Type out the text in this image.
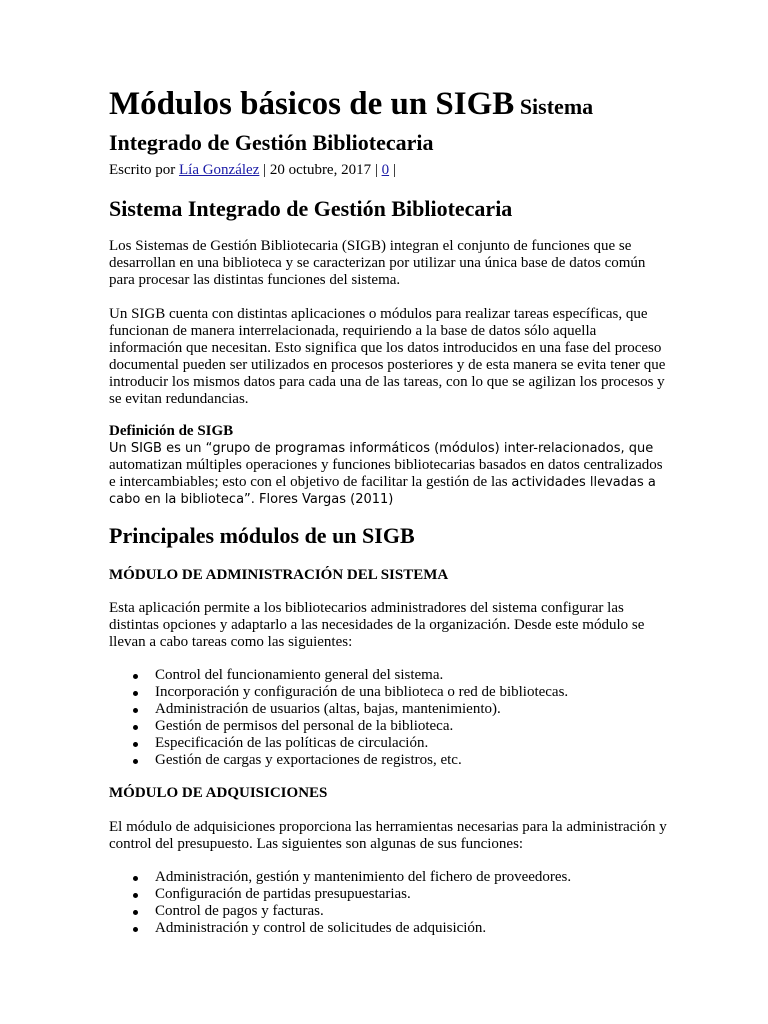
Módulos básicos de un SIGB Sistema Integrado de Gestión Bibliotecaria

Escrito por Lía González | 20 octubre, 2017 | 0 |

Sistema Integrado de Gestión Bibliotecaria

Los Sistemas de Gestión Bibliotecaria (SIGB) integran el conjunto de funciones que se desarrollan en una biblioteca y se caracterizan por utilizar una única base de datos común para procesar las distintas funciones del sistema.

Un SIGB cuenta con distintas aplicaciones o módulos para realizar tareas específicas, que funcionan de manera interrelacionada, requiriendo a la base de datos sólo aquella información que necesitan. Esto significa que los datos introducidos en una fase del proceso documental pueden ser utilizados en procesos posteriores y de esta manera se evita tener que introducir los mismos datos para cada una de las tareas, con lo que se agilizan los procesos y se evitan redundancias.

Definición de SIGB

Un SIGB es un “grupo de programas informáticos (módulos) inter-relacionados, que automatizan múltiples operaciones y funciones bibliotecarias basados en datos centralizados e intercambiables; esto con el objetivo de facilitar la gestión de las actividades llevadas a cabo en la biblioteca”. Flores Vargas (2011)

Principales módulos de un SIGB

MÓDULO DE ADMINISTRACIÓN DEL SISTEMA

Esta aplicación permite a los bibliotecarios administradores del sistema configurar las distintas opciones y adaptarlo a las necesidades de la organización. Desde este módulo se llevan a cabo tareas como las siguientes:

Control del funcionamiento general del sistema.
Incorporación y configuración de una biblioteca o red de bibliotecas.
Administración de usuarios (altas, bajas, mantenimiento).
Gestión de permisos del personal de la biblioteca.
Especificación de las políticas de circulación.
Gestión de cargas y exportaciones de registros, etc.

MÓDULO DE ADQUISICIONES

El módulo de adquisiciones proporciona las herramientas necesarias para la administración y control del presupuesto. Las siguientes son algunas de sus funciones:

Administración, gestión y mantenimiento del fichero de proveedores.
Configuración de partidas presupuestarias.
Control de pagos y facturas.
Administración y control de solicitudes de adquisición.
